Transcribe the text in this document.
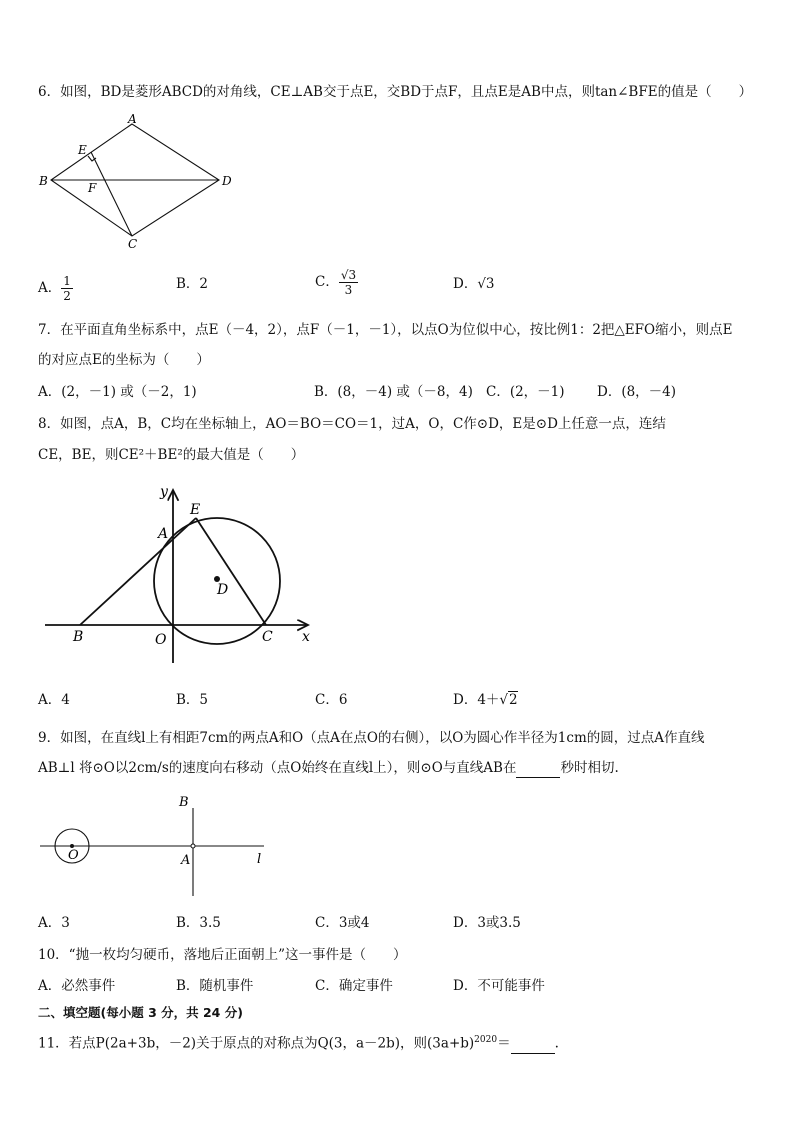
6．如图，BD是菱形ABCD的对角线，CE⊥AB交于点E，交BD于点F，且点E是AB中点，则tan∠BFE的值是（　　）
A
B
C
D
E
F
A． $\frac{1}{2}$	B．2	C． $\frac{√3}{3}$	D．√3
7．在平面直角坐标系中，点E（－4，2），点F（－1，－1），以点O为位似中心，按比例1：2把△EFO缩小，则点E
的对应点E的坐标为（　　）
A．(2，－1) 或（－2，1)	B．(8，－4) 或（－8，4) C．(2，－1) D．(8，－4)
8．如图，点A，B，C均在坐标轴上，AO＝BO＝CO＝1，过A，O，C作⊙D，E是⊙D上任意一点，连结
CE，BE，则CE²＋BE²的最大值是（　　）
y
x
E
A
D
B	O	C
A．4	B．5	C．6	D．4＋√2
9．如图，在直线l上有相距7cm的两点A和O（点A在点O的右侧），以O为圆心作半径为1cm的圆，过点A作直线
AB⊥l 将⊙O以2cm/s的速度向右移动（点O始终在直线l上），则⊙O与直线AB在	秒时相切.
B
A
O	l
A．3	B．3.5	C．3或4	D．3或3.5
10．“抛一枚均匀硬币，落地后正面朝上”这一事件是（　　）
A．必然事件	B．随机事件	C．确定事件	D．不可能事件
二、填空题(每小题 3 分，共 24 分)
11．若点P(2a+3b，－2)关于原点的对称点为Q(3，a－2b)，则$(3a+b)^{2020}=$	.
